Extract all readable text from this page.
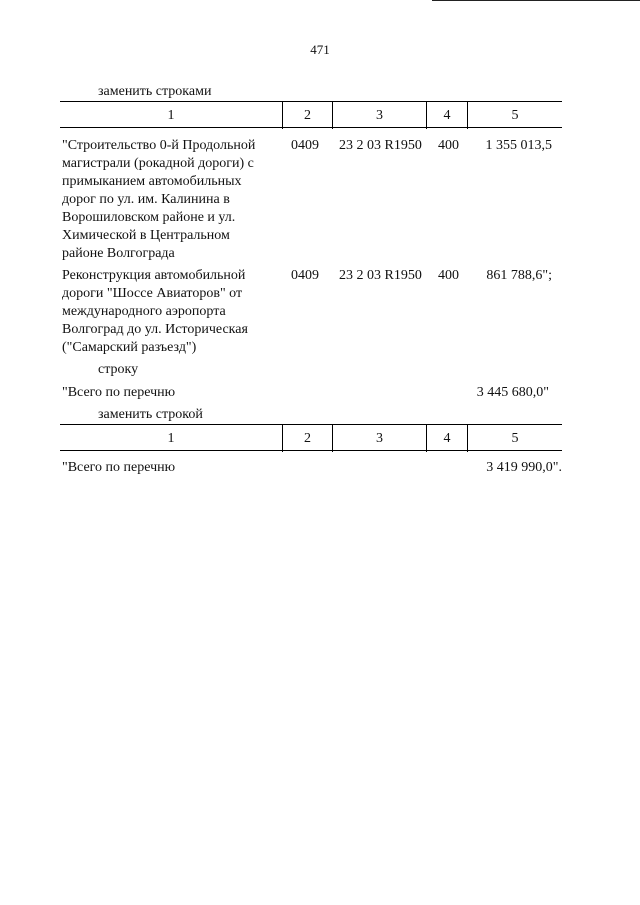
471
заменить строками
1	2	3	4	5
"Строительство 0-й Продольной
магистрали (рокадной дороги) с
примыканием автомобильных
дорог по ул. им. Калинина в
Ворошиловском районе и ул.
Химической в Центральном
районе Волгограда
0409	23 2 03 R1950	400	1 355 013,5
Реконструкция автомобильной
дороги "Шоссе Авиаторов" от
международного аэропорта
Волгоград до ул. Историческая
("Самарский разъезд")
0409	23 2 03 R1950	400	861 788,6";
строку
"Всего по перечню	3 445 680,0"
заменить строкой
1	2	3	4	5
"Всего по перечню	3 419 990,0".
